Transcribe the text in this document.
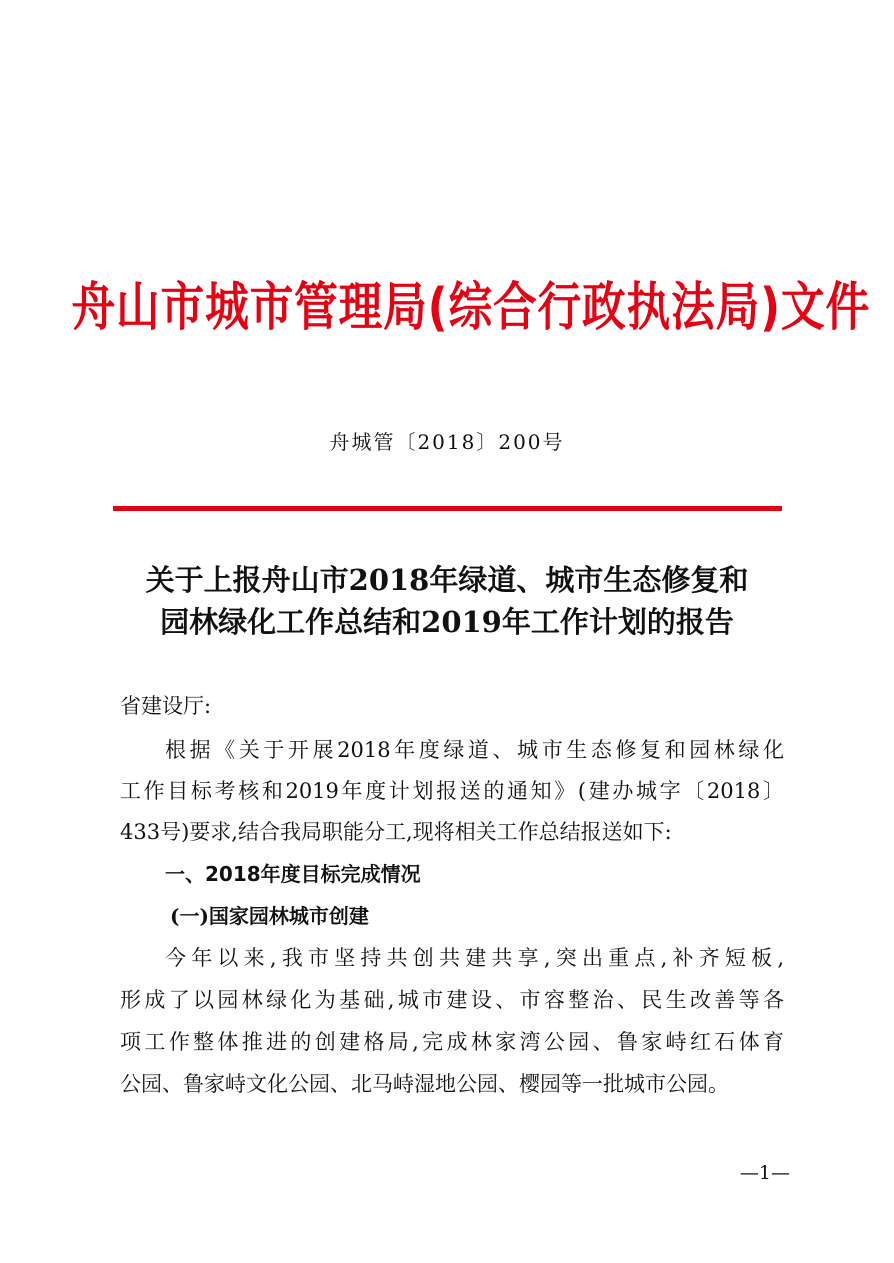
舟山市城市管理局(综合行政执法局)文件
舟城管〔2018〕200号
关于上报舟山市2018年绿道、城市生态修复和
园林绿化工作总结和2019年工作计划的报告
省建设厅:
根据《关于开展2018年度绿道、城市生态修复和园林绿化
工作目标考核和2019年度计划报送的通知》(建办城字〔2018〕
433号)要求,结合我局职能分工,现将相关工作总结报送如下:
一、2018年度目标完成情况
(一)国家园林城市创建
今年以来,我市坚持共创共建共享,突出重点,补齐短板,
形成了以园林绿化为基础,城市建设、市容整治、民生改善等各
项工作整体推进的创建格局,完成林家湾公园、鲁家峙红石体育
公园、鲁家峙文化公园、北马峙湿地公园、樱园等一批城市公园。
—1—
